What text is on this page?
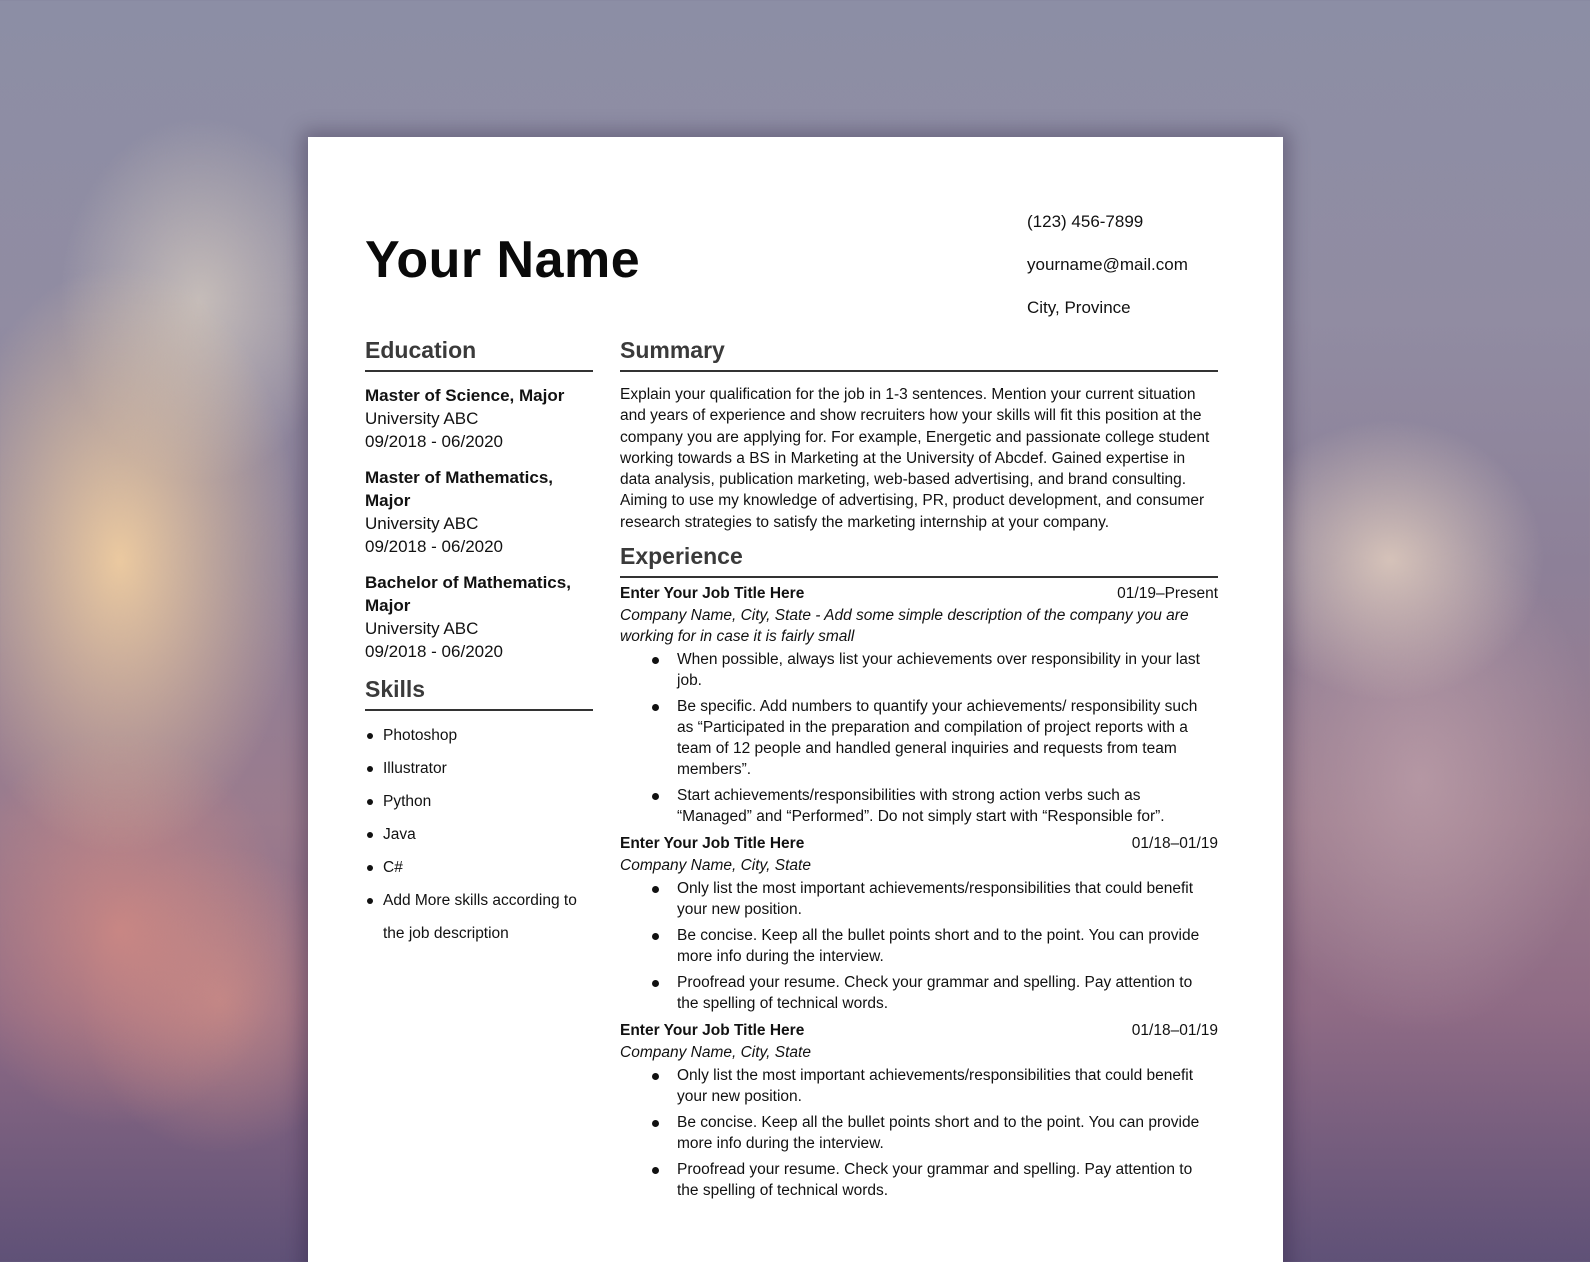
Your Name
(123) 456-7899
yourname@mail.com
City, Province
Education
Master of Science, Major
University ABC
09/2018 - 06/2020
Master of Mathematics, Major
University ABC
09/2018 - 06/2020
Bachelor of Mathematics, Major
University ABC
09/2018 - 06/2020
Skills
Photoshop
Illustrator
Python
Java
C#
Add More skills according to the job description
Summary

Explain your qualification for the job in 1-3 sentences. Mention your current situation and years of experience and show recruiters how your skills will fit this position at the company you are applying for. For example, Energetic and passionate college student working towards a BS in Marketing at the University of Abcdef. Gained expertise in data analysis, publication marketing, web-based advertising, and brand consulting. Aiming to use my knowledge of advertising, PR, product development, and consumer research strategies to satisfy the marketing internship at your company.

Experience
Enter Your Job Title Here	01/19–Present
Company Name, City, State - Add some simple description of the company you are working for in case it is fairly small
When possible, always list your achievements over responsibility in your last job.
Be specific. Add numbers to quantify your achievements/ responsibility such as “Participated in the preparation and compilation of project reports with a team of 12 people and handled general inquiries and requests from team members”.
Start achievements/responsibilities with strong action verbs such as “Managed” and “Performed”. Do not simply start with “Responsible for”.
Enter Your Job Title Here	01/18–01/19
Company Name, City, State
Only list the most important achievements/responsibilities that could benefit your new position.
Be concise. Keep all the bullet points short and to the point. You can provide more info during the interview.
Proofread your resume. Check your grammar and spelling. Pay attention to the spelling of technical words.
Enter Your Job Title Here	01/18–01/19
Company Name, City, State
Only list the most important achievements/responsibilities that could benefit your new position.
Be concise. Keep all the bullet points short and to the point. You can provide more info during the interview.
Proofread your resume. Check your grammar and spelling. Pay attention to the spelling of technical words.
